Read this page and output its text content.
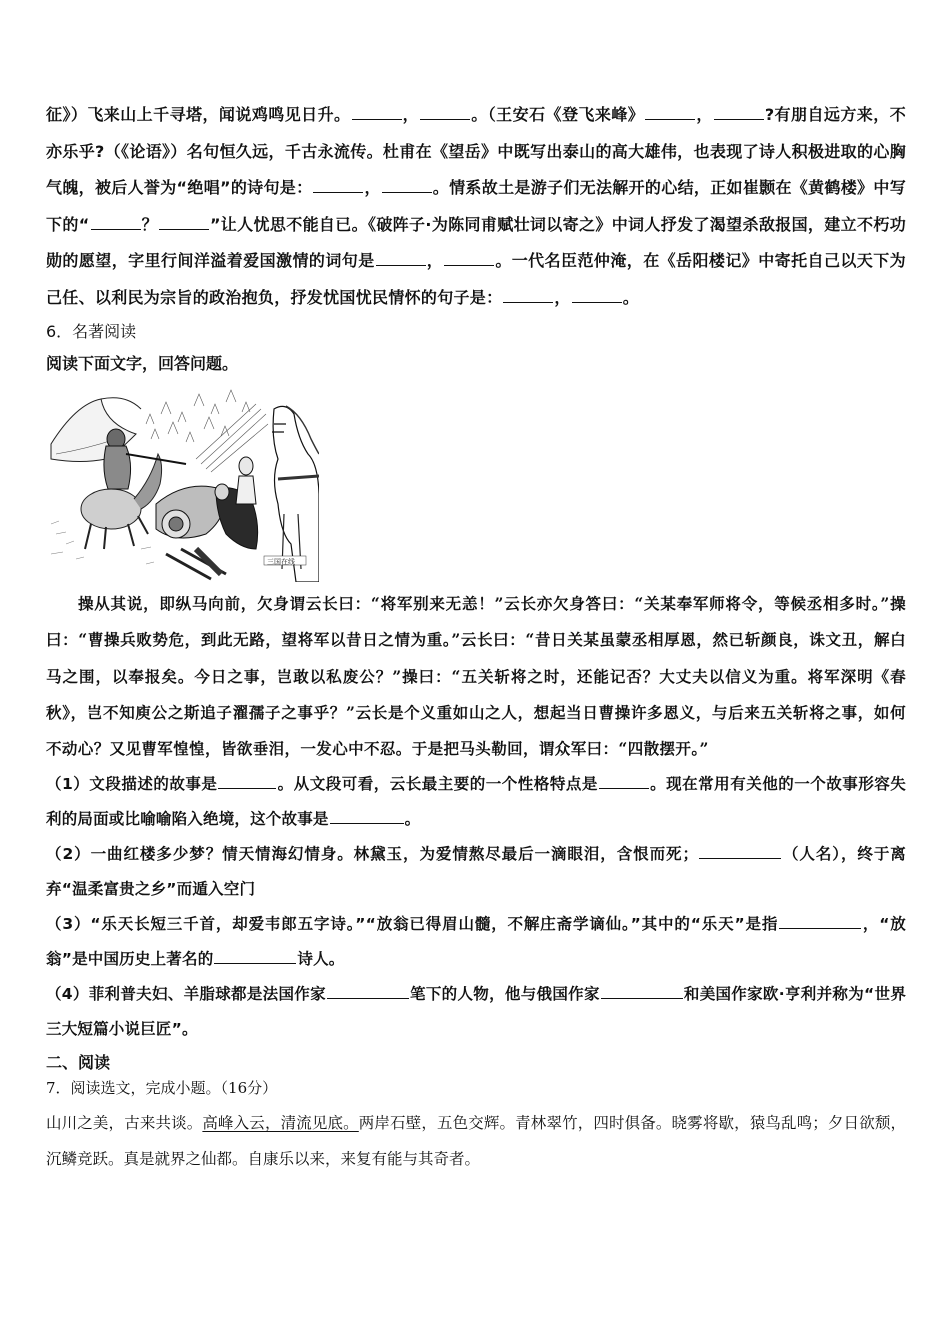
征》）飞来山上千寻塔，闻说鸡鸣见日升。	，	。（王安石《登飞来峰》	，	?有朋自远方来，不亦乐乎?（《论语》）名句恒久远，千古永流传。杜甫在《望岳》中既写出泰山的高大雄伟，也表现了诗人积极进取的心胸气魄，被后人誉为“绝唱”的诗句是：	，	。情系故土是游子们无法解开的心结，正如崔颢在《黄鹤楼》中写下的“	？	”让人忧思不能自已。《破阵子·为陈同甫赋壮词以寄之》中词人抒发了渴望杀敌报国，建立不朽功勋的愿望，字里行间洋溢着爱国激情的词句是	，	。一代名臣范仲淹，在《岳阳楼记》中寄托自己以天下为己任、以利民为宗旨的政治抱负，抒发忧国忧民情怀的句子是：	，	。

6．名著阅读

阅读下面文字，回答问题。

三国在线

操从其说，即纵马向前，欠身谓云长曰：“将军别来无恙！”云长亦欠身答曰：“关某奉军师将令，等候丞相多时。”操曰：“曹操兵败势危，到此无路，望将军以昔日之情为重。”云长曰：“昔日关某虽蒙丞相厚恩，然已斩颜良，诛文丑，解白马之围，以奉报矣。今日之事，岂敢以私废公？”操曰：“五关斩将之时，还能记否？大丈夫以信义为重。将军深明《春秋》，岂不知庾公之斯追子濯孺子之事乎？”云长是个义重如山之人，想起当日曹操许多恩义，与后来五关斩将之事，如何不动心？又见曹军惶惶，皆欲垂泪，一发心中不忍。于是把马头勒回，谓众军曰：“四散摆开。”

（1）文段描述的故事是	。从文段可看，云长最主要的一个性格特点是	。现在常用有关他的一个故事形容失利的局面或比喻喻陷入绝境，这个故事是	。

（2）一曲红楼多少梦？情天情海幻情身。林黛玉，为爱情熬尽最后一滴眼泪，含恨而死；	（人名），终于离弃“温柔富贵之乡”而遁入空门

（3）“乐天长短三千首，却爱韦郎五字诗。”“放翁已得眉山髓，不解庄斋学谪仙。”其中的“乐天”是指	，“放翁”是中国历史上著名的	诗人。

（4）菲利普夫妇、羊脂球都是法国作家	笔下的人物，他与俄国作家	和美国作家欧·亨利并称为“世界三大短篇小说巨匠”。

二、阅读

7．阅读选文，完成小题。（16分）

山川之美，古来共谈。高峰入云，清流见底。两岸石壁，五色交辉。青林翠竹，四时俱备。晓雾将歇，猿鸟乱鸣；夕日欲颓，沉鳞竞跃。真是就界之仙都。自康乐以来，来复有能与其奇者。
